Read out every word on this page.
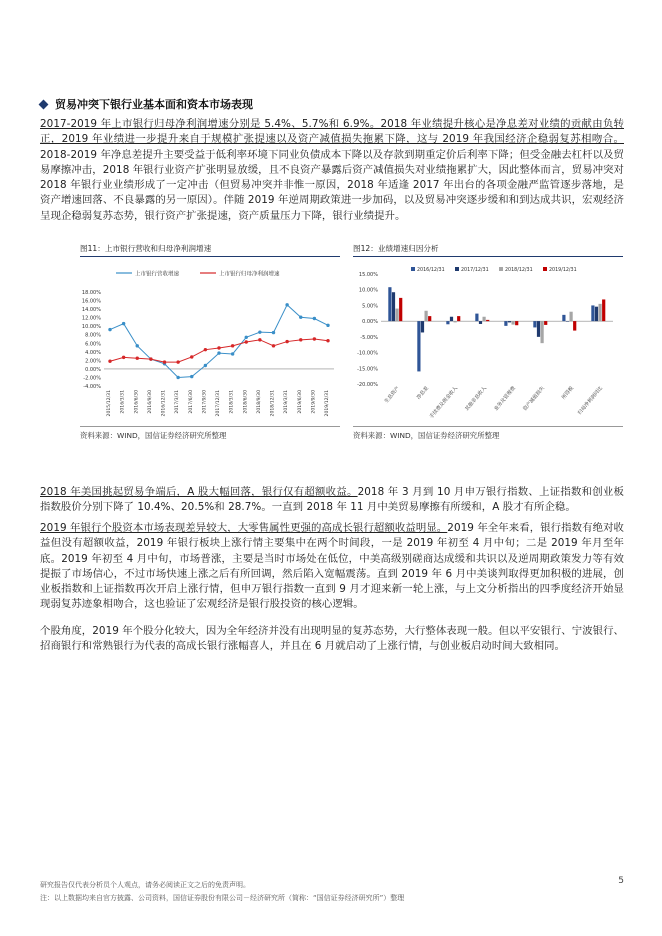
贸易冲突下银行业基本面和资本市场表现
2017-2019 年上市银行归母净利润增速分别是 5.4%、5.7%和 6.9%。2018 年业绩提升核心是净息差对业绩的贡献由负转正，2019 年业绩进一步提升来自于规模扩张提速以及资产减值损失拖累下降，这与 2019 年我国经济企稳弱复苏相吻合。2018-2019 年净息差提升主要受益于低利率环境下同业负债成本下降以及存款到期重定价后利率下降；但受金融去杠杆以及贸易摩擦冲击，2018 年银行业资产扩张明显放缓，且不良资产暴露后资产减值损失对业绩拖累扩大，因此整体而言，贸易冲突对 2018 年银行业业绩形成了一定冲击（但贸易冲突并非惟一原因，2018 年适逢 2017 年出台的各项金融严监管逐步落地，是资产增速回落、不良暴露的另一原因）。伴随 2019 年逆周期政策进一步加码，以及贸易冲突逐步缓和和到达成共识，宏观经济呈现企稳弱复苏态势，银行资产扩张提速，资产质量压力下降，银行业绩提升。
图11：上市银行营收和归母净利润增速
上市银行营收增速	上市银行归母净利润增速
-4.00%
-2.00%
0.00%
2.00%
4.00%
6.00%
8.00%
10.00%
12.00%
14.00%
16.00%
18.00%
2015/12/31 2016/3/31 2016/6/30 2016/9/30 2016/12/31 2017/3/31 2017/6/30 2017/9/30 2017/12/31 2018/3/31 2018/6/30 2018/9/30 2018/12/31 2019/3/31 2019/6/30 2019/9/30 2019/12/31
资料来源：WIND，国信证券经济研究所整理
图12：业绩增速归因分析
2016/12/31	2017/12/31	2018/12/31	2019/12/31
-20.00%
-15.00%
-10.00%
-5.00%
0.00%
5.00%
10.00%
15.00%
生息资产	净息差
手续费及佣金收入 其他非息收入 业务及管理费 资产减值损失	所得税 归母净利润同比
资料来源：WIND，国信证券经济研究所整理
2018 年美国挑起贸易争端后，A 股大幅回落，银行仅有超额收益。2018 年 3 月到 10 月申万银行指数、上证指数和创业板指数股价分别下降了 10.4%、20.5%和 28.7%。一直到 2018 年 11 月中美贸易摩擦有所缓和，A 股才有所企稳。
2019 年银行个股资本市场表现差异较大，大零售属性更强的高成长银行超额收益明显。2019 年全年来看，银行指数有绝对收益但没有超额收益，2019 年银行板块上涨行情主要集中在两个时间段，一是 2019 年初至 4 月中旬；二是 2019 年月至年底。2019 年初至 4 月中旬，市场普涨，主要是当时市场处在低位，中美高级别磋商达成缓和共识以及逆周期政策发力等有效提振了市场信心，不过市场快速上涨之后有所回调，然后陷入宽幅震荡。直到 2019 年 6 月中美谈判取得更加积极的进展，创业板指数和上证指数再次开启上涨行情，但申万银行指数一直到 9 月才迎来新一轮上涨，与上文分析指出的四季度经济开始显现弱复苏迹象相吻合，这也验证了宏观经济是银行股投资的核心逻辑。
个股角度，2019 年个股分化较大，因为全年经济并没有出现明显的复苏态势，大行整体表现一般。但以平安银行、宁波银行、招商银行和常熟银行为代表的高成长银行涨幅喜人，并且在 6 月就启动了上涨行情，与创业板启动时间大致相同。
研究报告仅代表分析员个人观点，请务必阅读正文之后的免责声明。
注：以上数据均来自官方披露、公司资料，国信证券股份有限公司－经济研究所（简称：“国信证券经济研究所”）整理
5
